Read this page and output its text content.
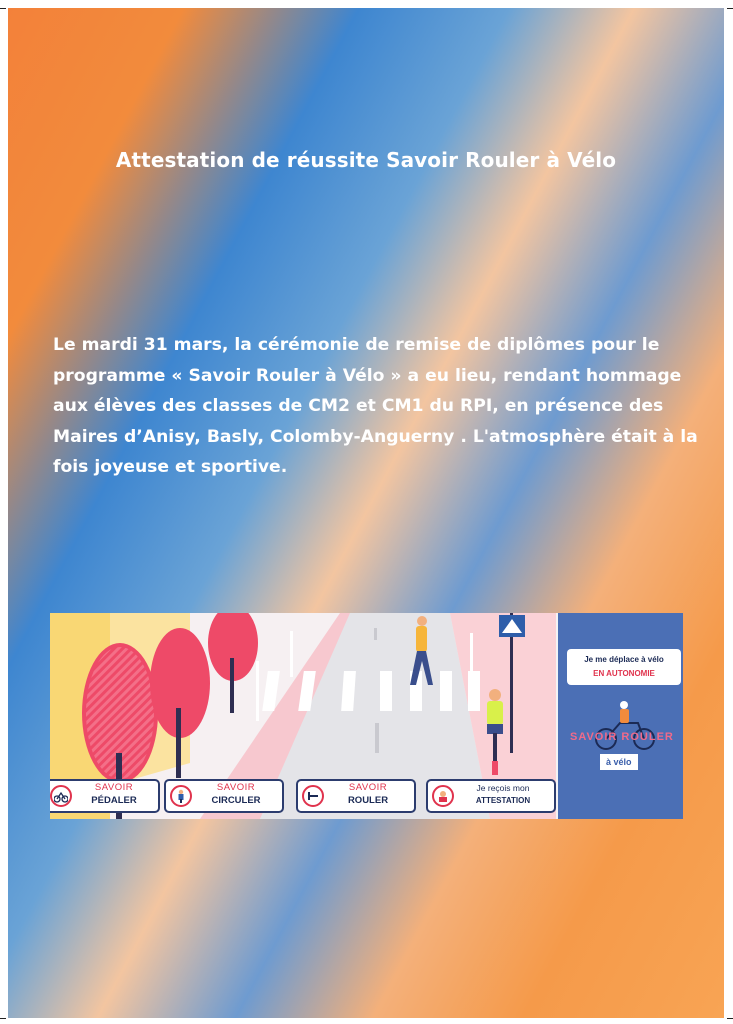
Attestation de réussite Savoir Rouler à Vélo

Le mardi 31 mars, la cérémonie de remise de diplômes pour le programme « Savoir Rouler à Vélo » a eu lieu, rendant hommage aux élèves des classes de CM2 et CM1 du RPI, en présence des Maires d’Anisy, Basly, Colomby-Anguerny . L'atmosphère était à la fois joyeuse et sportive.

Je me déplace à vélo
EN AUTONOMIE
SAVOIR ROULER
à vélo
SAVOIR
PÉDALER
SAVOIR
CIRCULER
SAVOIR
ROULER
Je reçois mon
ATTESTATION
